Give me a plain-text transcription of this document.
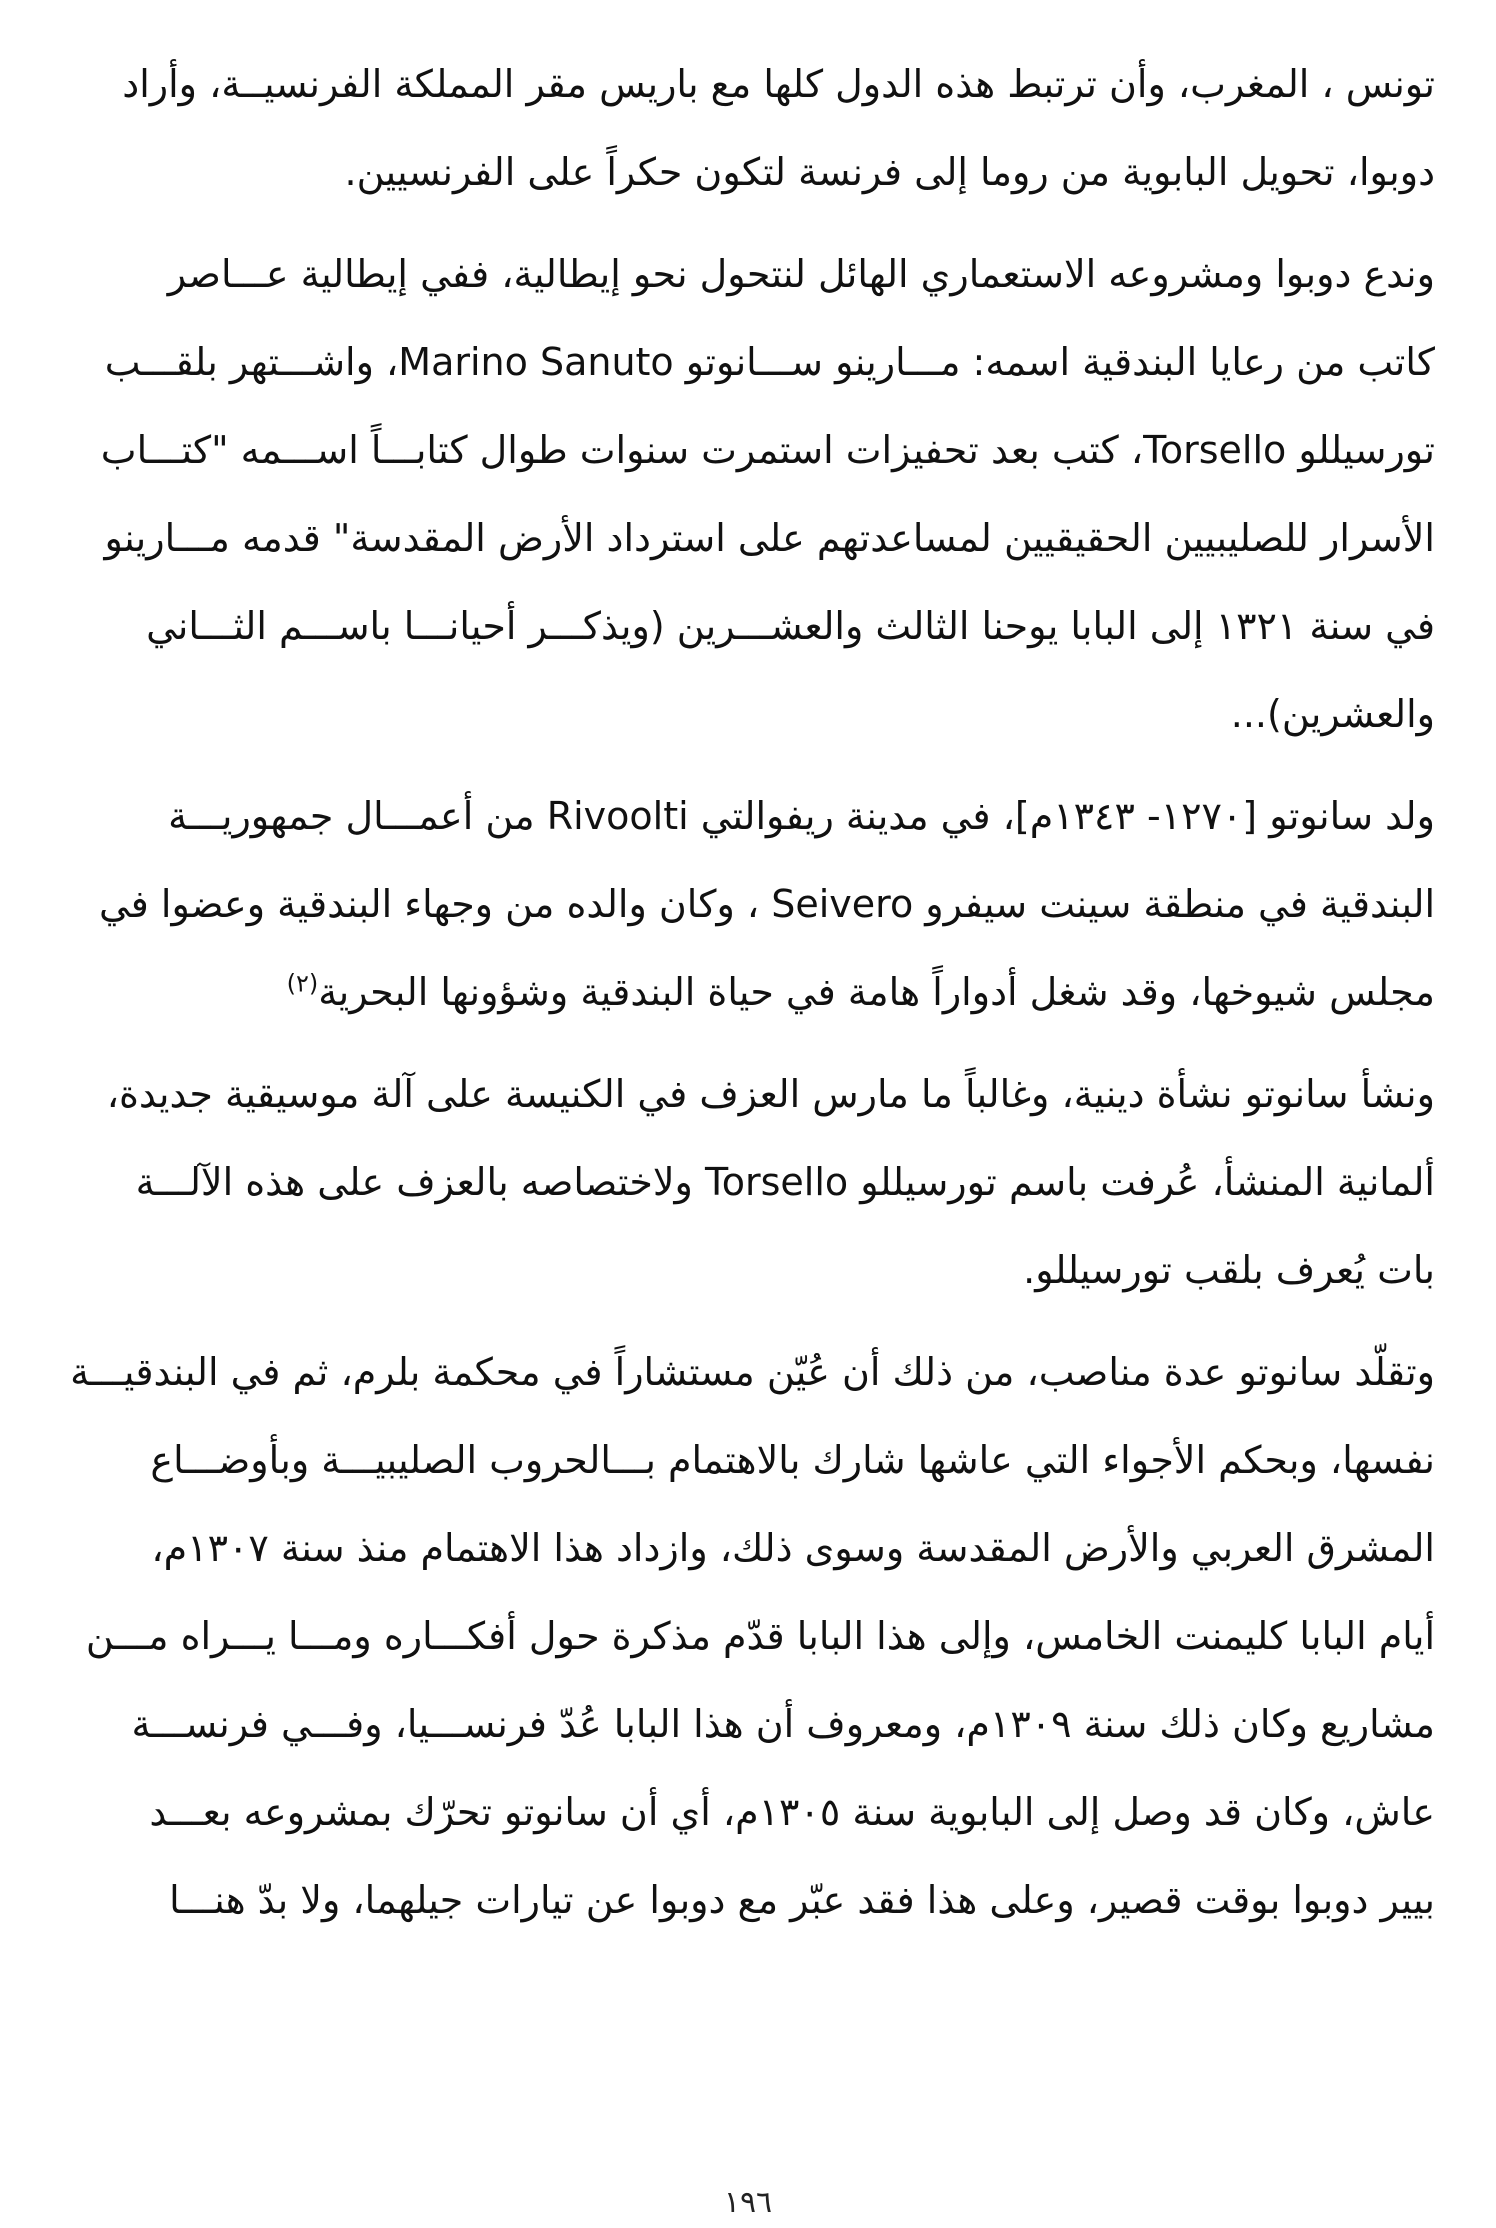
تونس ، المغرب، وأن ترتبط هذه الدول كلها مع باريس مقر المملكة الفرنسيــة، وأراد
دوبوا، تحويل البابوية من روما إلى فرنسة لتكون حكراً على الفرنسيين.

وندع دوبوا ومشروعه الاستعماري الهائل لنتحول نحو إيطالية، ففي إيطالية عـــاصر
كاتب من رعايا البندقية اسمه: مـــارينو ســـانوتو Marino Sanuto، واشـــتهر بلقـــب
تورسيللو Torsello، كتب بعد تحفيزات استمرت سنوات طوال كتابـــاً اســـمه "كتـــاب
الأسرار للصليبيين الحقيقيين لمساعدتهم على استرداد الأرض المقدسة" قدمه مـــارينو
في سنة ١٣٢١ إلى البابا يوحنا الثالث والعشـــرين (ويذكـــر أحيانـــا باســـم الثـــاني
والعشرين)...

ولد سانوتو [١٢٧٠- ١٣٤٣م]، في مدينة ريفوالتي Rivoolti من أعمـــال جمهوريـــة
البندقية في منطقة سينت سيفرو Seivero ، وكان والده من وجهاء البندقية وعضوا في
مجلس شيوخها، وقد شغل أدواراً هامة في حياة البندقية وشؤونها البحرية$^{(٢)}$

ونشأ سانوتو نشأة دينية، وغالباً ما مارس العزف في الكنيسة على آلة موسيقية جديدة،
ألمانية المنشأ، عُرفت باسم تورسيللو Torsello ولاختصاصه بالعزف على هذه الآلـــة
بات يُعرف بلقب تورسيللو.

وتقلّد سانوتو عدة مناصب، من ذلك أن عُيّن مستشاراً في محكمة بلرم، ثم في البندقيـــة
نفسها، وبحكم الأجواء التي عاشها شارك بالاهتمام بـــالحروب الصليبيـــة وبأوضـــاع
المشرق العربي والأرض المقدسة وسوى ذلك، وازداد هذا الاهتمام منذ سنة ١٣٠٧م،
أيام البابا كليمنت الخامس، وإلى هذا البابا قدّم مذكرة حول أفكـــاره ومـــا يـــراه مـــن
مشاريع وكان ذلك سنة ١٣٠٩م، ومعروف أن هذا البابا عُدّ فرنســـيا، وفـــي فرنســـة
عاش، وكان قد وصل إلى البابوية سنة ١٣٠٥م، أي أن سانوتو تحرّك بمشروعه بعـــد
بيير دوبوا بوقت قصير، وعلى هذا فقد عبّر مع دوبوا عن تيارات جيلهما، ولا بدّ هنـــا

١٩٦
